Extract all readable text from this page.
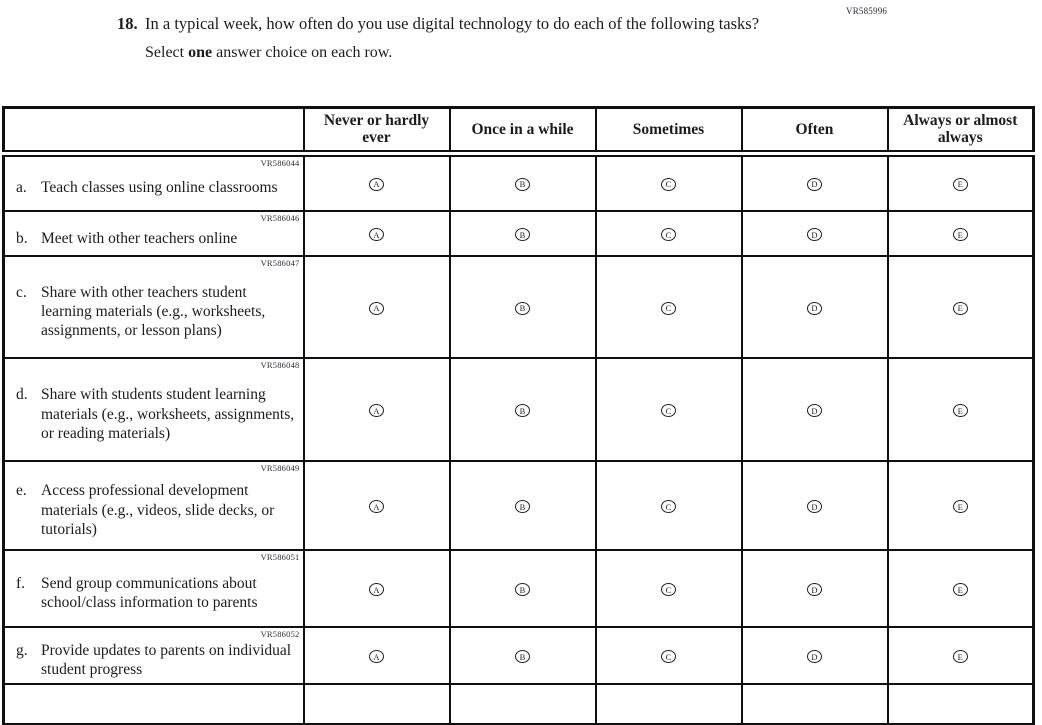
VR585996
18. In a typical week, how often do you use digital technology to do each of the following tasks?
Select one answer choice on each row.
	Never or hardly ever	Once in a while	Sometimes	Often	Always or almost always

VR586044
a. Teach classes using online classrooms	A	B	C	D	E

VR586046
b. Meet with other teachers online	A	B	C	D	E

VR586047
c. Share with other teachers student learning materials (e.g., worksheets, assignments, or lesson plans)	A	B	C	D	E

VR586048
d. Share with students student learning materials (e.g., worksheets, assignments, or reading materials)	A	B	C	D	E

VR586049
e. Access professional development materials (e.g., videos, slide decks, or tutorials)	A	B	C	D	E

VR586051
f. Send group communications about school/class information to parents	A	B	C	D	E

VR586052
g. Provide updates to parents on individual student progress	A	B	C	D	E
